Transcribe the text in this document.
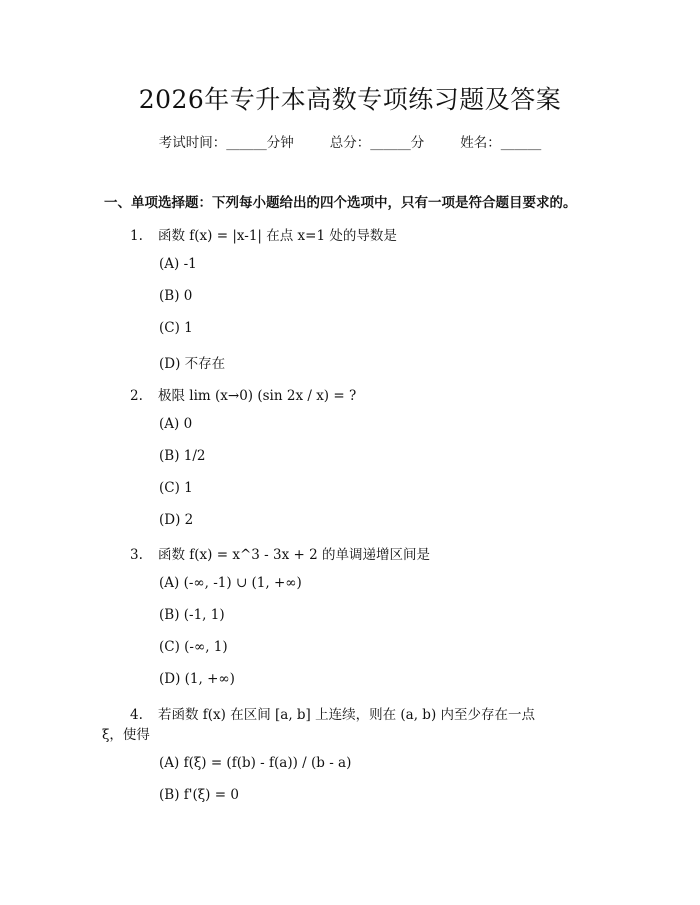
2026年专升本高数专项练习题及答案
考试时间：______分钟	总分：______分	姓名：______
一、单项选择题：下列每小题给出的四个选项中，只有一项是符合题目要求的。
1. 函数 f(x) = |x-1| 在点 x=1 处的导数是
(A) -1
(B) 0
(C) 1
(D) 不存在
2. 极限 lim (x→0) (sin 2x / x) = ?
(A) 0
(B) 1/2
(C) 1
(D) 2
3. 函数 f(x) = x^3 - 3x + 2 的单调递增区间是
(A) (-∞, -1) ∪ (1, +∞)
(B) (-1, 1)
(C) (-∞, 1)
(D) (1, +∞)
4. 若函数 f(x) 在区间 [a, b] 上连续，则在 (a, b) 内至少存在一点
ξ，使得
(A) f(ξ) = (f(b) - f(a)) / (b - a)
(B) f'(ξ) = 0
